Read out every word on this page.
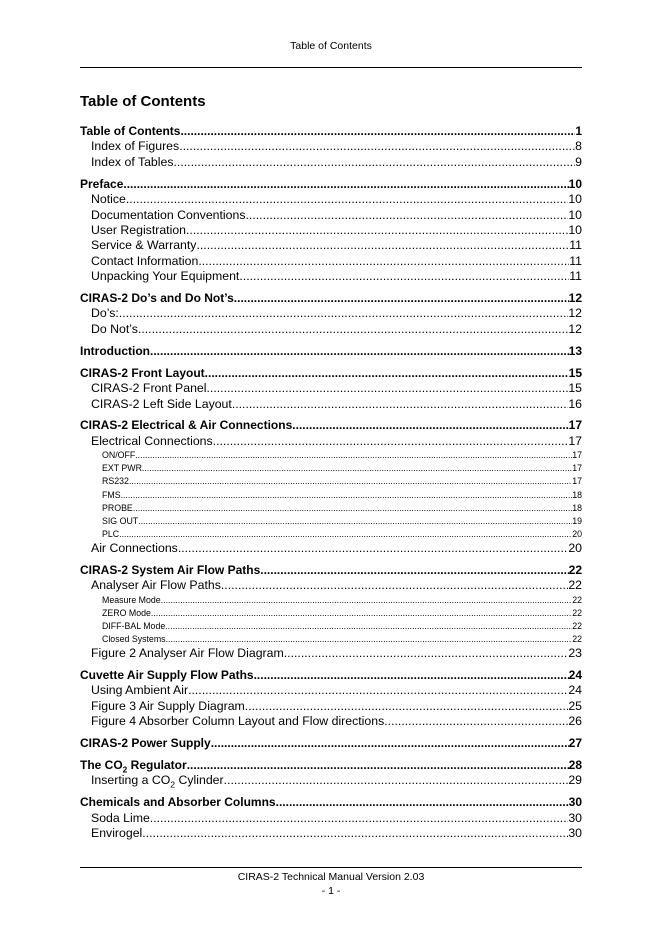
Table of Contents
Table of Contents
Table of Contents .....	1
Index of Figures .....	8
Index of Tables .....	9
Preface .....	10
Notice .....	10
Documentation Conventions .....	10
User Registration .....	10
Service & Warranty .....	11
Contact Information .....	11
Unpacking Your Equipment .....	11
CIRAS-2 Do’s and Do Not’s .....	12
Do’s: .....	12
Do Not’s .....	12
Introduction .....	13
CIRAS-2 Front Layout .....	15
CIRAS-2 Front Panel .....	15
CIRAS-2 Left Side Layout .....	16
CIRAS-2 Electrical & Air Connections .....	17
Electrical Connections .....	17
ON/OFF .....	17
EXT PWR .....	17
RS232 .....	17
FMS .....	18
PROBE .....	18
SIG OUT .....	19
PLC .....	20
Air Connections .....	20
CIRAS-2 System Air Flow Paths .....	22
Analyser Air Flow Paths .....	22
Measure Mode .....	22
ZERO Mode .....	22
DIFF-BAL Mode .....	22
Closed Systems .....	22
Figure 2 Analyser Air Flow Diagram .....	23
Cuvette Air Supply Flow Paths .....	24
Using Ambient Air .....	24
Figure 3 Air Supply Diagram .....	25
Figure 4 Absorber Column Layout and Flow directions. .....	26
CIRAS-2 Power Supply .....	27
The $CO_2$ Regulator .....	28
Inserting a $CO_2$ Cylinder .....	29
Chemicals and Absorber Columns .....	30
Soda Lime .....	30
Envirogel .....	30
CIRAS-2 Technical Manual Version 2.03
- 1 -
